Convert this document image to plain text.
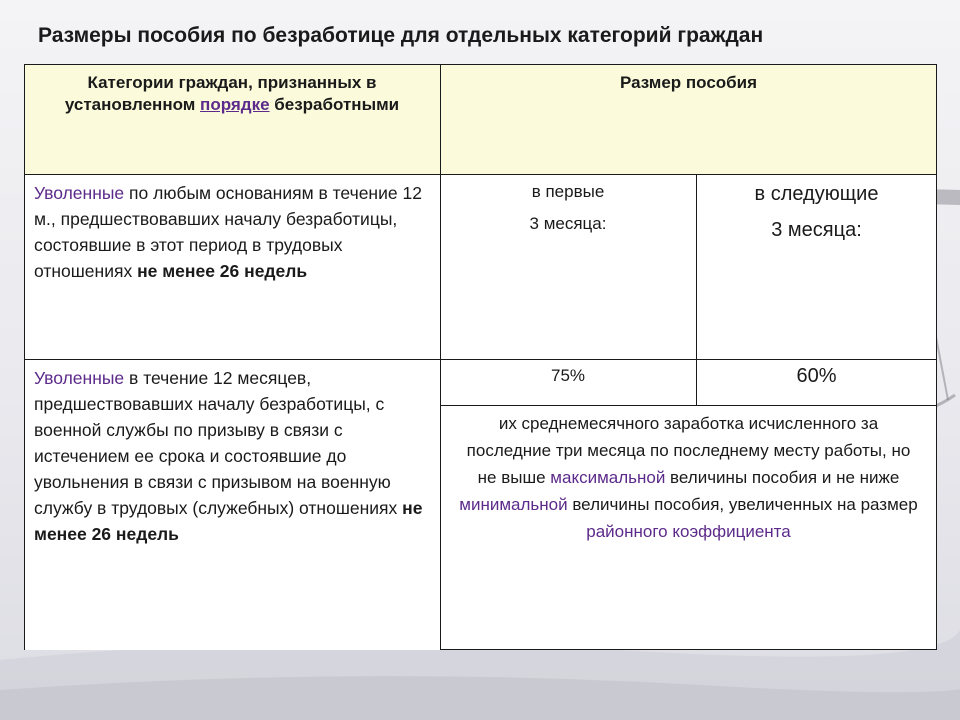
Размеры пособия по безработице для отдельных категорий граждан
Категории граждан, признанных в установленном порядке безработными
Размер пособия
Уволенные по любым основаниям в течение 12 м., предшествовавших началу безработицы, состоявшие в этот период в трудовых отношениях не менее 26 недель
в первые
3 месяца:
в следующие
3 месяца:
Уволенные в течение 12 месяцев, предшествовавших началу безработицы, с военной службы по призыву в связи с истечением ее срока и состоявшие до увольнения в связи с призывом на военную службу в трудовых (служебных) отношениях не менее 26 недель
75%	60%
их среднемесячного заработка исчисленного за последние три месяца по последнему месту работы, но не выше максимальной величины пособия и не ниже минимальной величины пособия, увеличенных на размер районного коэффициента
